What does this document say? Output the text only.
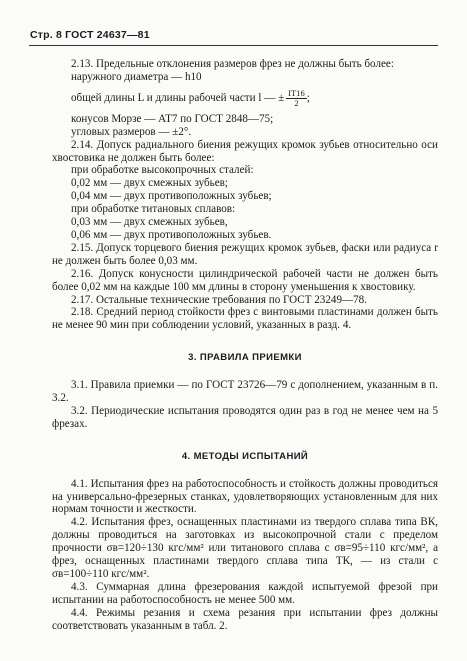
Стр. 8 ГОСТ 24637—81
2.13. Предельные отклонения размеров фрез не должны быть более:
наружного диаметра — h10
общей длины L и длины рабочей части l — ± $\frac{IT16}{2}$ ;
конусов Морзе — АТ7 по ГОСТ 2848—75;
угловых размеров — ±2°.
2.14. Допуск радиального биения режущих кромок зубьев относительно оси хвостовика не должен быть более:
при обработке высокопрочных сталей:
0,02 мм — двух смежных зубьев;
0,04 мм — двух противоположных зубьев;
при обработке титановых сплавов:
0,03 мм — двух смежных зубьев,
0,06 мм — двух противоположных зубьев.
2.15. Допуск торцевого биения режущих кромок зубьев, фаски или радиуса r не должен быть более 0,03 мм.
2.16. Допуск конусности цилиндрической рабочей части не должен быть более 0,02 мм на каждые 100 мм длины в сторону уменьшения к хвостовику.
2.17. Остальные технические требования по ГОСТ 23249—78.
2.18. Средний период стойкости фрез с винтовыми пластинами должен быть не менее 90 мин при соблюдении условий, указанных в разд. 4.
3. ПРАВИЛА ПРИЕМКИ
3.1. Правила приемки — по ГОСТ 23726—79 с дополнением, указанным в п. 3.2.
3.2. Периодические испытания проводятся один раз в год не менее чем на 5 фрезах.
4. МЕТОДЫ ИСПЫТАНИЙ
4.1. Испытания фрез на работоспособность и стойкость должны проводиться на универсально-фрезерных станках, удовлетворяющих установленным для них нормам точности и жесткости.
4.2. Испытания фрез, оснащенных пластинами из твердого сплава типа ВК, должны проводиться на заготовках из высокопрочной стали с пределом прочности σв=120÷130 кгс/мм² или титанового сплава с σв=95÷110 кгс/мм², а фрез, оснащенных пластинами твердого сплава типа ТК, — из стали с σв=100÷110 кгс/мм².
4.3. Суммарная длина фрезерования каждой испытуемой фрезой при испытании на работоспособность не менее 500 мм.
4.4. Режимы резания и схема резания при испытании фрез должны соответствовать указанным в табл. 2.
